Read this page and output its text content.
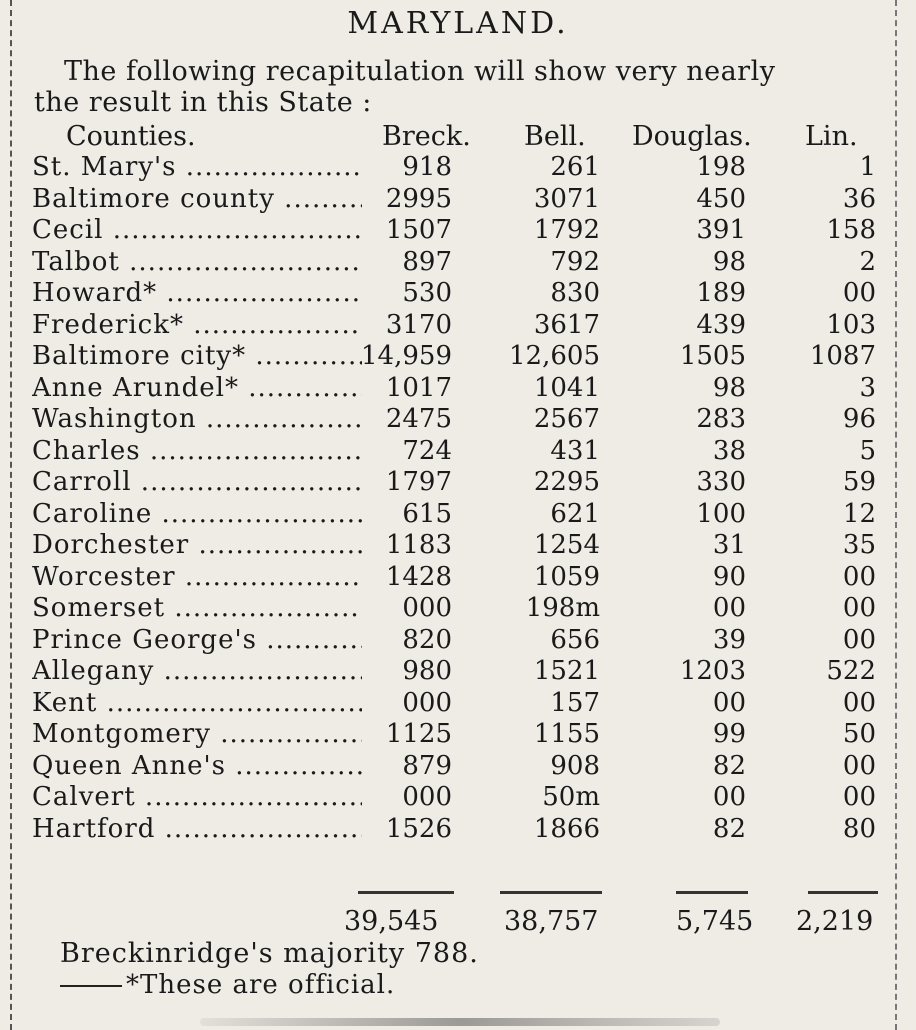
MARYLAND.
The following recapitulation will show very nearly
the result in this State :
Counties.	Breck. Bell. Douglas. Lin.
St. Mary's .....	918	261	198	1
Baltimore county .....	2995	3071	450	36
Cecil .....	1507	1792	391	158
Talbot .....	897	792	98	2
Howard* .....	530	830	189	00
Frederick* .....	3170	3617	439	103
Baltimore city* .....	14,959 12,605	1505 1087
Anne Arundel* .....	1017	1041	98	3
Washington .....	2475	2567	283	96
Charles .....	724	431	38	5
Carroll .....	1797	2295	330	59
Caroline .....	615	621	100	12
Dorchester .....	1183	1254	31	35
Worcester .....	1428	1059	90	00
Somerset .....	000	198m	00	00
Prince George's .....	820	656	39	00
Allegany .....	980	1521	1203	522
Kent .....	000	157	00	00
Montgomery .....	1125	1155	99	50
Queen Anne's .....	879	908	82	00
Calvert .....	000	50m	00	00
Hartford .....	1526	1866	82	80
39,545 38,757	5,745 2,219
Breckinridge's majority 788.
*These are official.
